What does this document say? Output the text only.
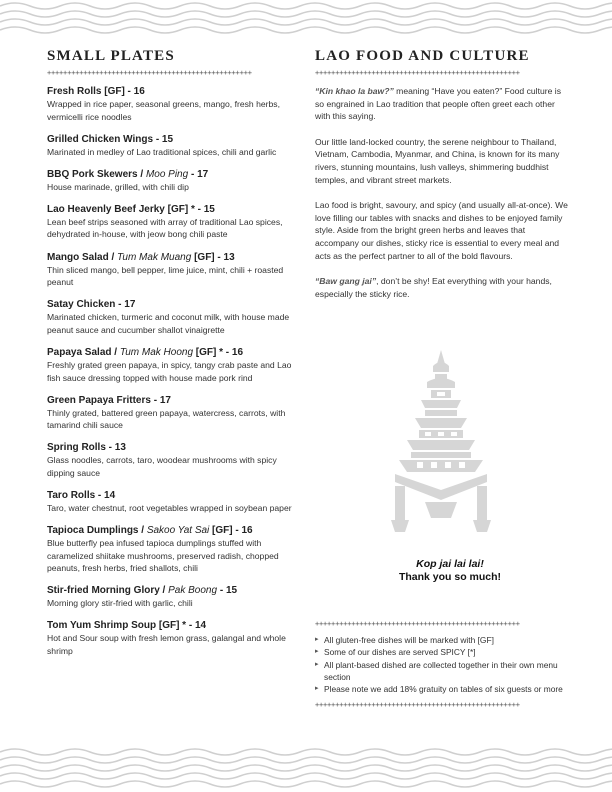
SMALL PLATES
+++++++++++++++++++++++++++++++++++++++++++++++++++
Fresh Rolls [GF] - 16
Wrapped in rice paper, seasonal greens, mango, fresh herbs, vermicelli rice noodles
Grilled Chicken Wings - 15
Marinated in medley of Lao traditional spices, chili and garlic
BBQ Pork Skewers / Moo Ping - 17
House marinade, grilled, with chili dip
Lao Heavenly Beef Jerky [GF] * - 15
Lean beef strips seasoned with array of traditional Lao spices, dehydrated in-house, with jeow bong chili paste
Mango Salad / Tum Mak Muang [GF] - 13
Thin sliced mango, bell pepper, lime juice, mint, chili + roasted peanut
Satay Chicken - 17
Marinated chicken, turmeric and coconut milk, with house made peanut sauce and cucumber shallot vinaigrette
Papaya Salad / Tum Mak Hoong [GF] * - 16
Freshly grated green papaya, in spicy, tangy crab paste and Lao fish sauce dressing topped with house made pork rind
Green Papaya Fritters - 17
Thinly grated, battered green papaya, watercress, carrots, with tamarind chili sauce
Spring Rolls - 13
Glass noodles, carrots, taro, woodear mushrooms with spicy dipping sauce
Taro Rolls - 14
Taro, water chestnut, root vegetables wrapped in soybean paper
Tapioca Dumplings / Sakoo Yat Sai [GF] - 16
Blue butterfly pea infused tapioca dumplings stuffed with caramelized shiitake mushrooms, preserved radish, chopped peanuts, fresh herbs, fried shallots, chili
Stir-fried Morning Glory / Pak Boong - 15
Morning glory stir-fried with garlic, chili
Tom Yum Shrimp Soup [GF] * - 14
Hot and Sour soup with fresh lemon grass, galangal and whole shrimp
LAO FOOD AND CULTURE
+++++++++++++++++++++++++++++++++++++++++++++++++++

“Kin khao la baw?” meaning “Have you eaten?” Food culture is so engrained in Lao tradition that people often greet each other with this saying.

Our little land-locked country, the serene neighbour to Thailand, Vietnam, Cambodia, Myanmar, and China, is known for its many rivers, stunning mountains, lush valleys, shimmering buddhist temples, and vibrant street markets.

Lao food is bright, savoury, and spicy (and usually all-at-once). We love filling our tables with snacks and dishes to be enjoyed family style. Aside from the bright green herbs and leaves that accompany our dishes, sticky rice is essential to every meal and acts as the perfect partner to all of the bold flavours.

“Baw gang jai”, don’t be shy! Eat everything with your hands, especially the sticky rice.

Kop jai lai lai!
Thank you so much!
+++++++++++++++++++++++++++++++++++++++++++++++++++
▸ All gluten-free dishes will be marked with [GF]
▸ Some of our dishes are served SPICY [*]
▸ All plant-based dished are collected together in their own menu section
▸ Please note we add 18% gratuity on tables of six guests or more
+++++++++++++++++++++++++++++++++++++++++++++++++++
